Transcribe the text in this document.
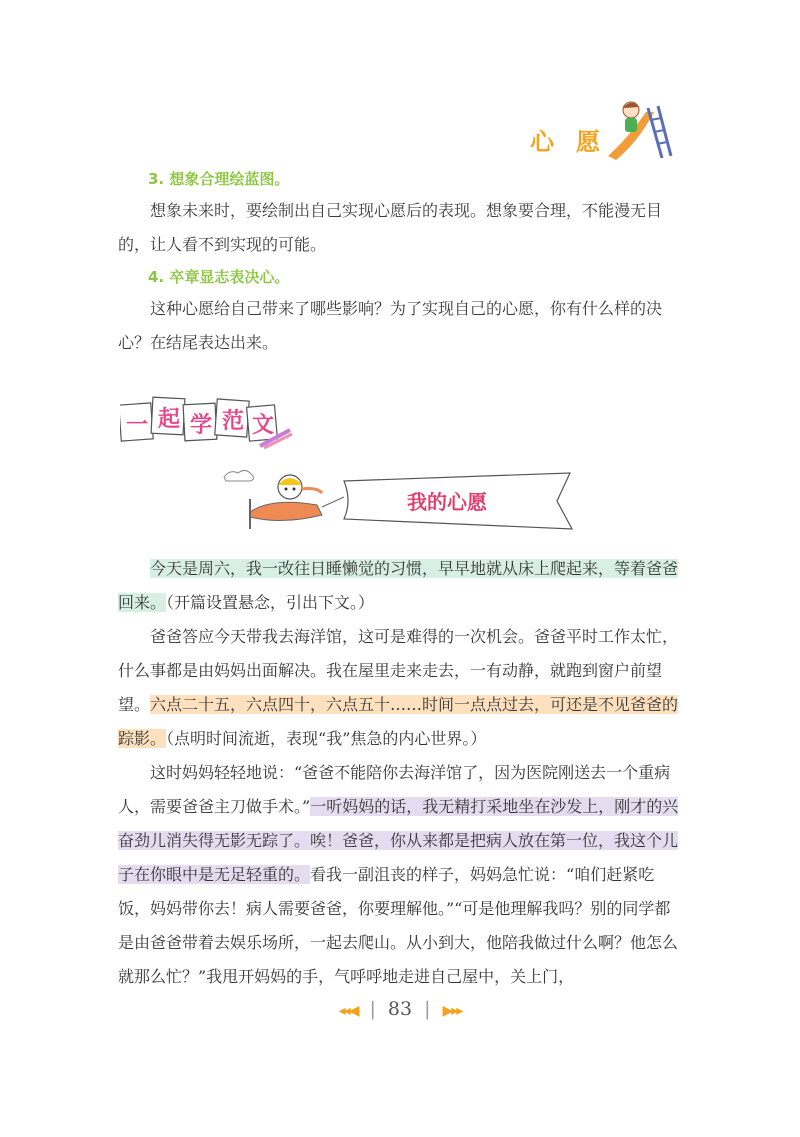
心愿
3. 想象合理绘蓝图。
想象未来时，要绘制出自己实现心愿后的表现。想象要合理，不能漫无目的，让人看不到实现的可能。
4. 卒章显志表决心。
这种心愿给自己带来了哪些影响？为了实现自己的心愿，你有什么样的决心？在结尾表达出来。
一 起 学 范 文
我的心愿

今天是周六，我一改往日睡懒觉的习惯，早早地就从床上爬起来，等着爸爸回来。（开篇设置悬念，引出下文。）

爸爸答应今天带我去海洋馆，这可是难得的一次机会。爸爸平时工作太忙，什么事都是由妈妈出面解决。我在屋里走来走去，一有动静，就跑到窗户前望望。六点二十五，六点四十，六点五十……时间一点点过去，可还是不见爸爸的踪影。（点明时间流逝，表现“我”焦急的内心世界。）

这时妈妈轻轻地说：“爸爸不能陪你去海洋馆了，因为医院刚送去一个重病人，需要爸爸主刀做手术。”一听妈妈的话，我无精打采地坐在沙发上，刚才的兴奋劲儿消失得无影无踪了。唉！爸爸，你从来都是把病人放在第一位，我这个儿子在你眼中是无足轻重的。看我一副沮丧的样子，妈妈急忙说：“咱们赶紧吃饭，妈妈带你去！病人需要爸爸，你要理解他。”“可是他理解我吗？别的同学都是由爸爸带着去娱乐场所，一起去爬山。从小到大，他陪我做过什么啊？他怎么就那么忙？”我甩开妈妈的手，气呼呼地走进自己屋中，关上门，

◂◂◀ | 83 | ▶▸▸
